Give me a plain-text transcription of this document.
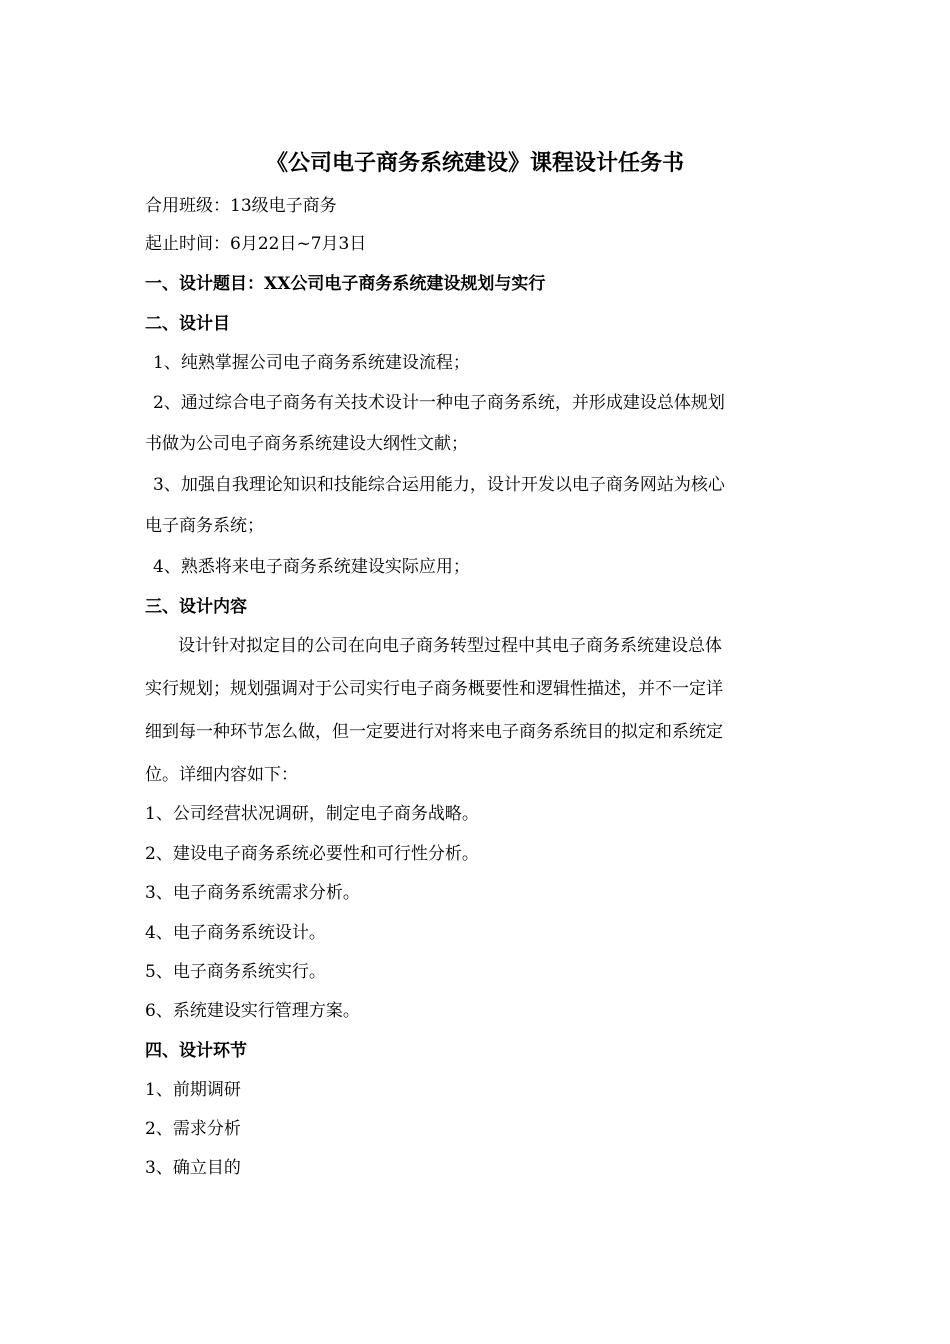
《公司电子商务系统建设》课程设计任务书
合用班级：13级电子商务
起止时间：6月22日~7月3日
一、设计题目：XX公司电子商务系统建设规划与实行
二、设计目
1、纯熟掌握公司电子商务系统建设流程；
2、通过综合电子商务有关技术设计一种电子商务系统，并形成建设总体规划
书做为公司电子商务系统建设大纲性文献；
3、加强自我理论知识和技能综合运用能力，设计开发以电子商务网站为核心
电子商务系统；
4、熟悉将来电子商务系统建设实际应用；
三、设计内容
设计针对拟定目的公司在向电子商务转型过程中其电子商务系统建设总体
实行规划；规划强调对于公司实行电子商务概要性和逻辑性描述，并不一定详
细到每一种环节怎么做，但一定要进行对将来电子商务系统目的拟定和系统定
位。详细内容如下：
1、公司经营状况调研，制定电子商务战略。
2、建设电子商务系统必要性和可行性分析。
3、电子商务系统需求分析。
4、电子商务系统设计。
5、电子商务系统实行。
6、系统建设实行管理方案。
四、设计环节
1、前期调研
2、需求分析
3、确立目的
